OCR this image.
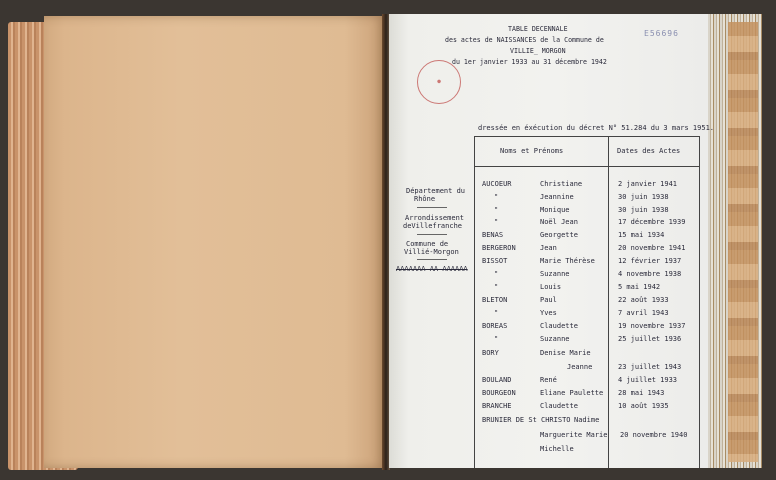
E56696
●
TABLE DECENNALE
des actes de NAISSANCES de la Commune de
VILLIE_ MORGON
du 1er janvier 1933 au 31 décembre 1942
dressée en éxécution du décret N° 51.284 du 3 mars 1951.
Département du
Rhône
Arrondissement
deVillefranche
Commune de
Villié-Morgon
AAAAAAA AA AAAAAA
Noms et Prénoms	Dates des Actes
AUCOEUR	Christiane	2 janvier 1941
"	Jeannine	30 juin 1938
"	Monique	30 juin 1938
"	Noël Jean	17 décembre 1939
BENAS	Georgette	15 mai 1934
BERGERON	Jean	20 novembre 1941
BISSOT	Marie Thérèse	12 février 1937
"	Suzanne	4 novembre 1938
"	Louis	5 mai 1942
BLETON	Paul	22 août 1933
"	Yves	7 avril 1943
BOREAS	Claudette	19 novembre 1937
"	Suzanne	25 juillet 1936
BORY	Denise Marie
Jeanne	23 juillet 1943
BOULAND	René	4 juillet 1933
BOURGEON	Eliane Paulette 28 mai 1943
BRANCHE	Claudette	10 août 1935
BRUNIER DE St CHRISTO Nadime
Marguerite Marie 20 novembre 1940
Michelle
